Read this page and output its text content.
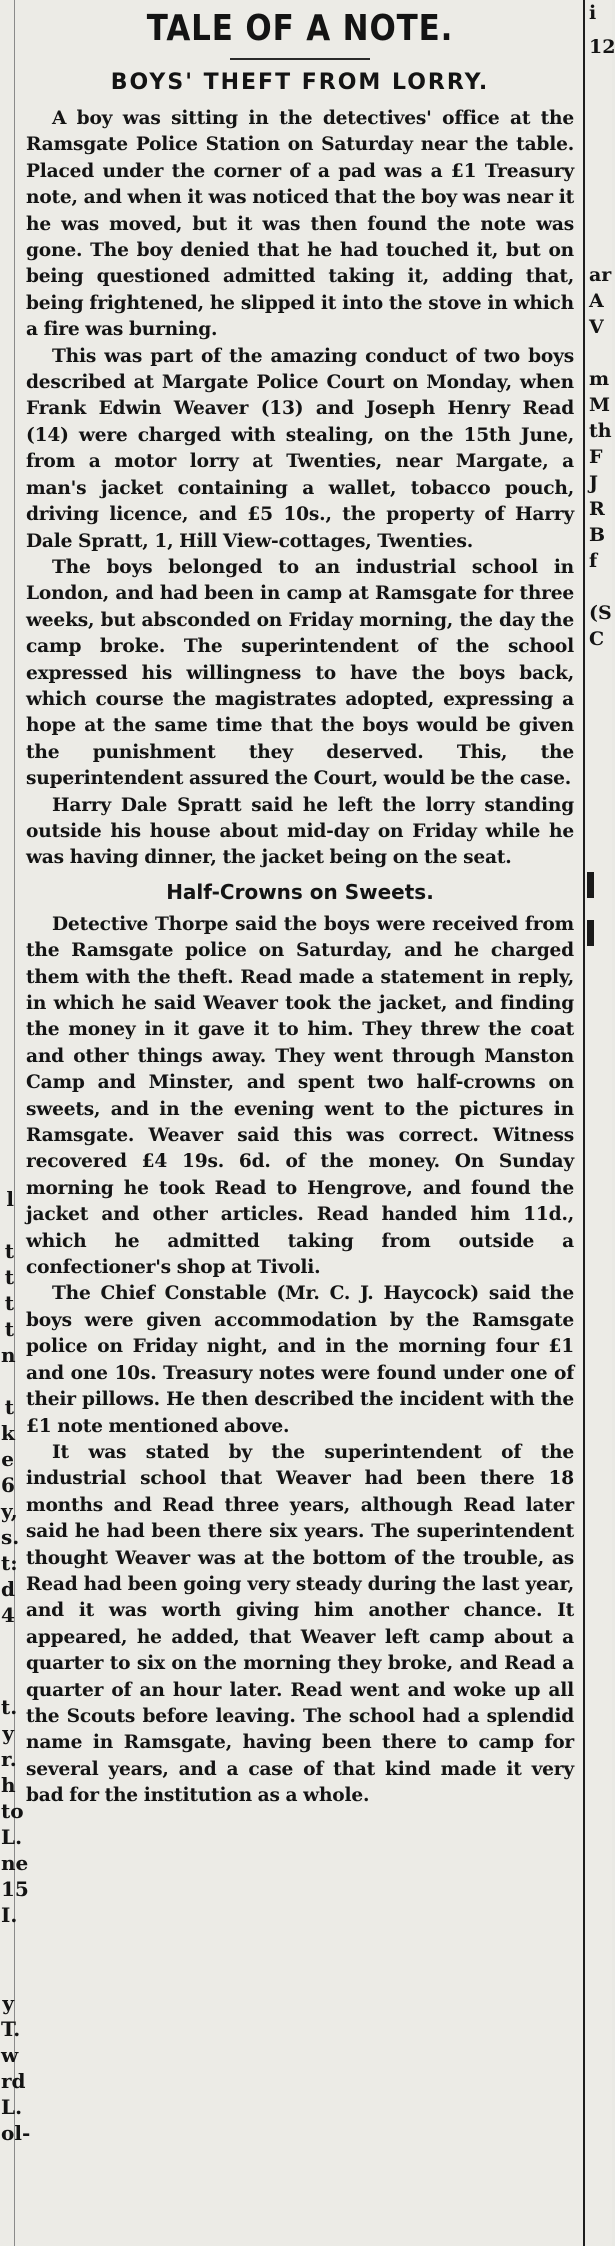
l
t
t
t
t
n
t
k
e
6
y,
s.
t:
d
4
t.
y
r.
h
to
L.
ne
15
I.
y
T.
w
rd
L.
ol-
TALE OF A NOTE.
BOYS' THEFT FROM LORRY.

A boy was sitting in the detectives' office at the Ramsgate Police Station on Saturday near the table. Placed under the corner of a pad was a £1 Treasury note, and when it was noticed that the boy was near it he was moved, but it was then found the note was gone. The boy denied that he had touched it, but on being questioned admitted taking it, adding that, being frightened, he slipped it into the stove in which a fire was burning.

This was part of the amazing conduct of two boys described at Margate Police Court on Monday, when Frank Edwin Weaver (13) and Joseph Henry Read (14) were charged with stealing, on the 15th June, from a motor lorry at Twenties, near Margate, a man's jacket containing a wallet, tobacco pouch, driving licence, and £5 10s., the property of Harry Dale Spratt, 1, Hill View-cottages, Twenties.

The boys belonged to an industrial school in London, and had been in camp at Ramsgate for three weeks, but absconded on Friday morning, the day the camp broke. The superintendent of the school expressed his willingness to have the boys back, which course the magistrates adopted, expressing a hope at the same time that the boys would be given the punishment they deserved. This, the superintendent assured the Court, would be the case.

Harry Dale Spratt said he left the lorry standing outside his house about mid-day on Friday while he was having dinner, the jacket being on the seat.

Half-Crowns on Sweets.

Detective Thorpe said the boys were received from the Ramsgate police on Saturday, and he charged them with the theft. Read made a statement in reply, in which he said Weaver took the jacket, and finding the money in it gave it to him. They threw the coat and other things away. They went through Manston Camp and Minster, and spent two half-crowns on sweets, and in the evening went to the pictures in Ramsgate. Weaver said this was correct. Witness recovered £4 19s. 6d. of the money. On Sunday morning he took Read to Hengrove, and found the jacket and other articles. Read handed him 11d., which he admitted taking from outside a confectioner's shop at Tivoli.

The Chief Constable (Mr. C. J. Haycock) said the boys were given accommodation by the Ramsgate police on Friday night, and in the morning four £1 and one 10s. Treasury notes were found under one of their pillows. He then described the incident with the £1 note mentioned above.

It was stated by the superintendent of the industrial school that Weaver had been there 18 months and Read three years, although Read later said he had been there six years. The superintendent thought Weaver was at the bottom of the trouble, as Read had been going very steady during the last year, and it was worth giving him another chance. It appeared, he added, that Weaver left camp about a quarter to six on the morning they broke, and Read a quarter of an hour later. Read went and woke up all the Scouts before leaving. The school had a splendid name in Ramsgate, having been there to camp for several years, and a case of that kind made it very bad for the institution as a whole.

i
12
ar
A
V
m
M
th
F
J
R
B
f
(S
C
